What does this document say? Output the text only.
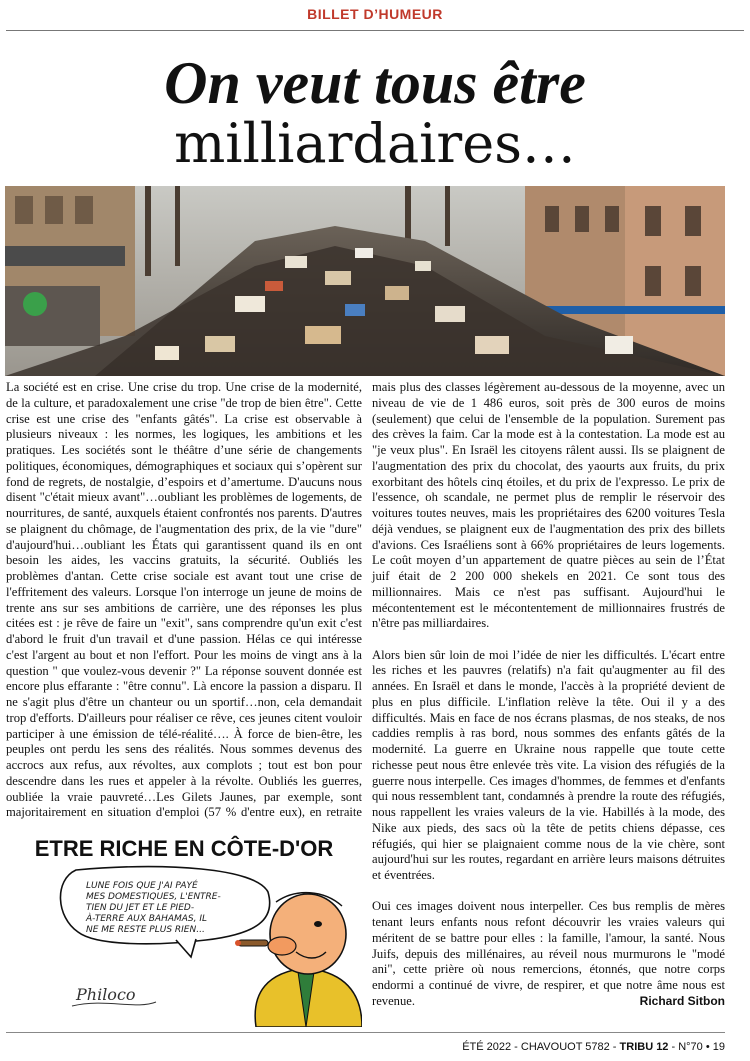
BILLET D’HUMEUR
On veut tous être
milliardaires…

La société est en crise. Une crise du trop. Une crise de la modernité, de la culture, et paradoxalement une crise "de trop de bien être". Cette crise est une crise des "enfants gâtés". La crise est observable à plusieurs niveaux : les normes, les logiques, les ambitions et les pratiques. Les sociétés sont le théâtre d’une série de changements politiques, économiques, démographiques et sociaux qui s’opèrent sur fond de regrets, de nostalgie, d’espoirs et d’amertume. D'aucuns nous disent "c'était mieux avant"…oubliant les problèmes de logements, de nourritures, de santé, auxquels étaient confrontés nos parents. D'autres se plaignent du chômage, de l'augmentation des prix, de la vie "dure" d'aujourd'hui…oubliant les États qui garantissent quand ils en ont besoin les aides, les vaccins gratuits, la sécurité. Oubliés les problèmes d'antan. Cette crise sociale est avant tout une crise de l'effritement des valeurs. Lorsque l'on interroge un jeune de moins de trente ans sur ses ambitions de carrière, une des réponses les plus citées est : je rêve de faire un "exit", sans comprendre qu'un exit c'est d'abord le fruit d'un travail et d'une passion. Hélas ce qui intéresse c'est l'argent au bout et non l'effort. Pour les moins de vingt ans à la question " que voulez-vous devenir ?" La réponse souvent donnée est encore plus effarante : "être connu". Là encore la passion a disparu. Il ne s'agit plus d'être un chanteur ou un sportif…non, cela demandait trop d'efforts. D'ailleurs pour réaliser ce rêve, ces jeunes citent vouloir participer à une émission de télé-réalité…. À force de bien-être, les peuples ont perdu les sens des réalités. Nous sommes devenus des accrocs aux refus, aux révoltes, aux complots ; tout est bon pour descendre dans les rues et appeler à la révolte. Oubliés les guerres, oubliée la vraie pauvreté…Les Gilets Jaunes, par exemple, sont majoritairement en situation d'emploi (57 % d'entre eux), en retraite

mais plus des classes légèrement au-dessous de la moyenne, avec un niveau de vie de 1 486 euros, soit près de 300 euros de moins (seulement) que celui de l'ensemble de la population. Surement pas des crèves la faim. Car la mode est à la contestation. La mode est au "je veux plus". En Israël les citoyens râlent aussi. Ils se plaignent de l'augmentation des prix du chocolat, des yaourts aux fruits, du prix exorbitant des hôtels cinq étoiles, et du prix de l'expresso. Le prix de l'essence, oh scandale, ne permet plus de remplir le réservoir des voitures toutes neuves, mais les propriétaires des 6200 voitures Tesla déjà vendues, se plaignent eux de l'augmentation des prix des billets d'avions. Ces Israéliens sont à 66% propriétaires de leurs logements. Le coût moyen d’un appartement de quatre pièces au sein de l’État juif était de 2 200 000 shekels en 2021. Ce sont tous des millionnaires. Mais ce n'est pas suffisant. Aujourd'hui le mécontentement est le mécontentement de millionnaires frustrés de n'être pas milliardaires.

Alors bien sûr loin de moi l’idée de nier les difficultés. L'écart entre les riches et les pauvres (relatifs) n'a fait qu'augmenter au fil des années. En Israël et dans le monde, l'accès à la propriété devient de plus en plus difficile. L'inflation relève la tête. Oui il y a des difficultés. Mais en face de nos écrans plasmas, de nos steaks, de nos caddies remplis à ras bord, nous sommes des enfants gâtés de la modernité. La guerre en Ukraine nous rappelle que toute cette richesse peut nous être enlevée très vite. La vision des réfugiés de la guerre nous interpelle. Ces images d'hommes, de femmes et d'enfants qui nous ressemblent tant, condamnés à prendre la route des réfugiés, nous rappellent les vraies valeurs de la vie. Habillés à la mode, des Nike aux pieds, des sacs où la tête de petits chiens dépasse, ces réfugiés, qui hier se plaignaient comme nous de la vie chère, sont aujourd'hui sur les routes, regardant en arrière leurs maisons détruites et éventrées.

Oui ces images doivent nous interpeller. Ces bus remplis de mères tenant leurs enfants nous refont découvrir les vraies valeurs qui méritent de se battre pour elles : la famille, l'amour, la santé. Nous Juifs, depuis des millénaires, au réveil nous murmurons le "modé ani", cette prière où nous remercions, étonnés, que notre corps endormi a continué de vivre, de respirer, et que notre âme nous est revenue.

ETRE RICHE EN CÔTE-D'OR
LUNE FOIS QUE J'AI PAYÉ
MES DOMESTIQUES, L'ENTRE-
TIEN DU JET ET LE PIED-
À-TERRE AUX BAHAMAS, IL
NE ME RESTE PLUS RIEN...
Philoco	Richard Sitbon
ÉTÉ 2022 - CHAVOUOT 5782 - TRIBU 12 - N°70 • 19
